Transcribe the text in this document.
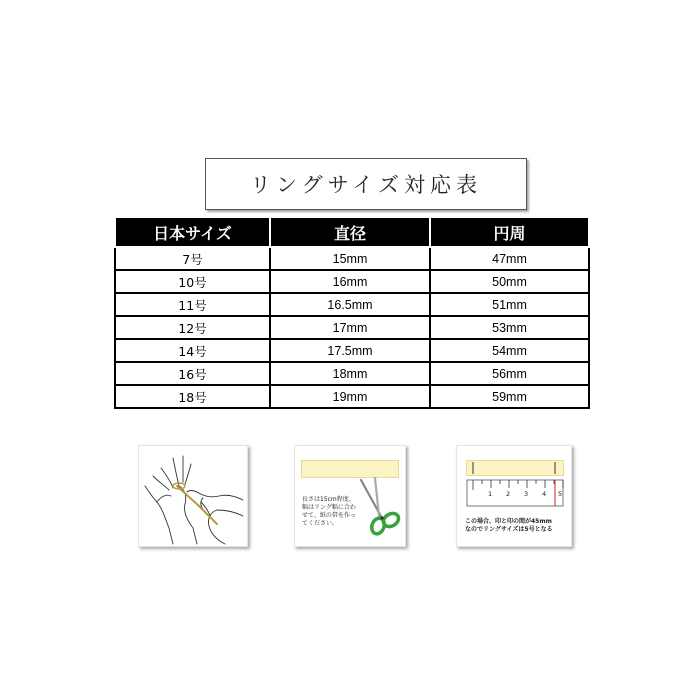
リングサイズ対応表
日本サイズ	直径	円周
7号	15mm	47mm
10号	16mm	50mm
11号	16.5mm	51mm
12号	17mm	53mm
14号	17.5mm	54mm
16号	18mm	56mm
18号	19mm	59mm
長さは15cm程度、
幅はリング幅に合わ
せて、紙の帯を作っ
てください。
1 2 3 4 5
この場合、印と印の間が45mm
なのでリングサイズは5号となる
